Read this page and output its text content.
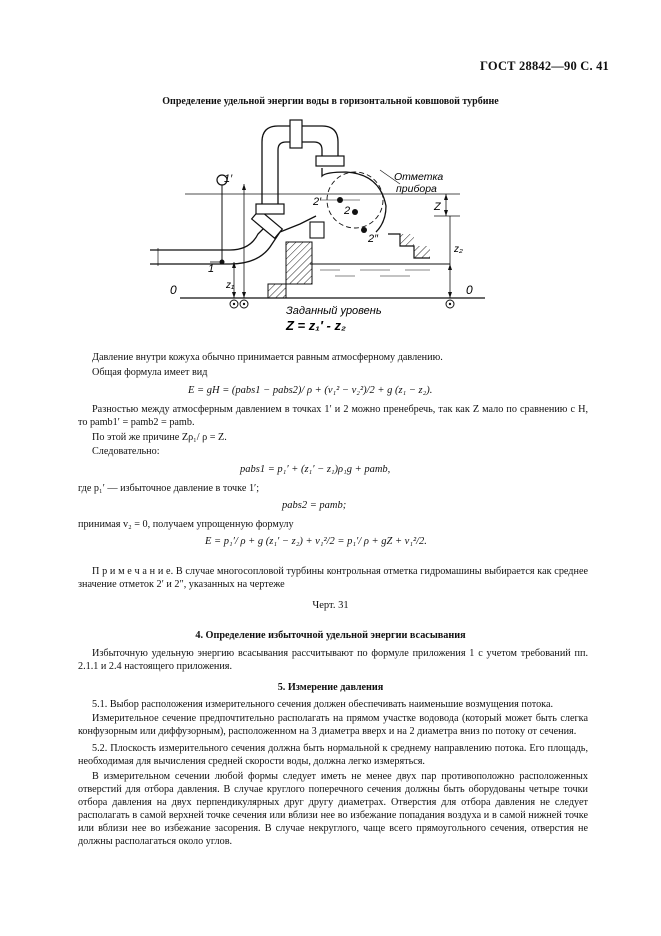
ГОСТ 28842—90 С. 41
Определение удельной энергии воды в горизонтальной ковшовой турбине
1′
1
2′
2
2″
Отметка
прибора
Z
z₁
z₂
0	0
Заданный уровень
Z = z₁′ - z₂

Давление внутри кожуха обычно принимается равным атмосферному давлению.

Общая формула имеет вид

E = gH = (pabs1 − pabs2)/ ρ + (v₁² − v₂²)/2 + g (z₁ − z₂).

Разностью между атмосферным давлением в точках 1′ и 2 можно пренебречь, так как Z мало по сравнению с H, то pamb1′ = pamb2 = pamb.

По этой же причине Zρ₁/ ρ = Z.

Следовательно:

pabs1 = p₁′ + (z₁′ − z₁)ρ₁g + pamb,

где p₁′ — избыточное давление в точке 1′;

pabs2 = pamb;

принимая v₂ = 0, получаем упрощенную формулу

E = p₁′/ ρ + g (z₁′ − z₂) + v₁²/2 = p₁′/ ρ + gZ + v₁²/2.

П р и м е ч а н и е. В случае многосопловой турбины контрольная отметка гидромашины выбирается как среднее значение отметок 2′ и 2″, указанных на чертеже

Черт. 31
4. Определение избыточной удельной энергии всасывания

Избыточную удельную энергию всасывания рассчитывают по формуле приложения 1 с учетом требований пп. 2.1.1 и 2.4 настоящего приложения.

5. Измерение давления

5.1. Выбор расположения измерительного сечения должен обеспечивать наименьшие возмущения потока.

Измерительное сечение предпочтительно располагать на прямом участке водовода (который может быть слегка конфузорным или диффузорным), расположенном на 3 диаметра вверх и на 2 диаметра вниз по потоку от сечения.

5.2. Плоскость измерительного сечения должна быть нормальной к среднему направлению потока. Его площадь, необходимая для вычисления средней скорости воды, должна легко измеряться.

В измерительном сечении любой формы следует иметь не менее двух пар противоположно расположенных отверстий для отбора давления. В случае круглого поперечного сечения должны быть оборудованы четыре точки отбора давления на двух перпендикулярных друг другу диаметрах. Отверстия для отбора давления не следует располагать в самой верхней точке сечения или вблизи нее во избежание попадания воздуха и в самой нижней точке или вблизи нее во избежание засорения. В случае некруглого, чаще всего прямоугольного сечения, отверстия не должны располагаться около углов.
